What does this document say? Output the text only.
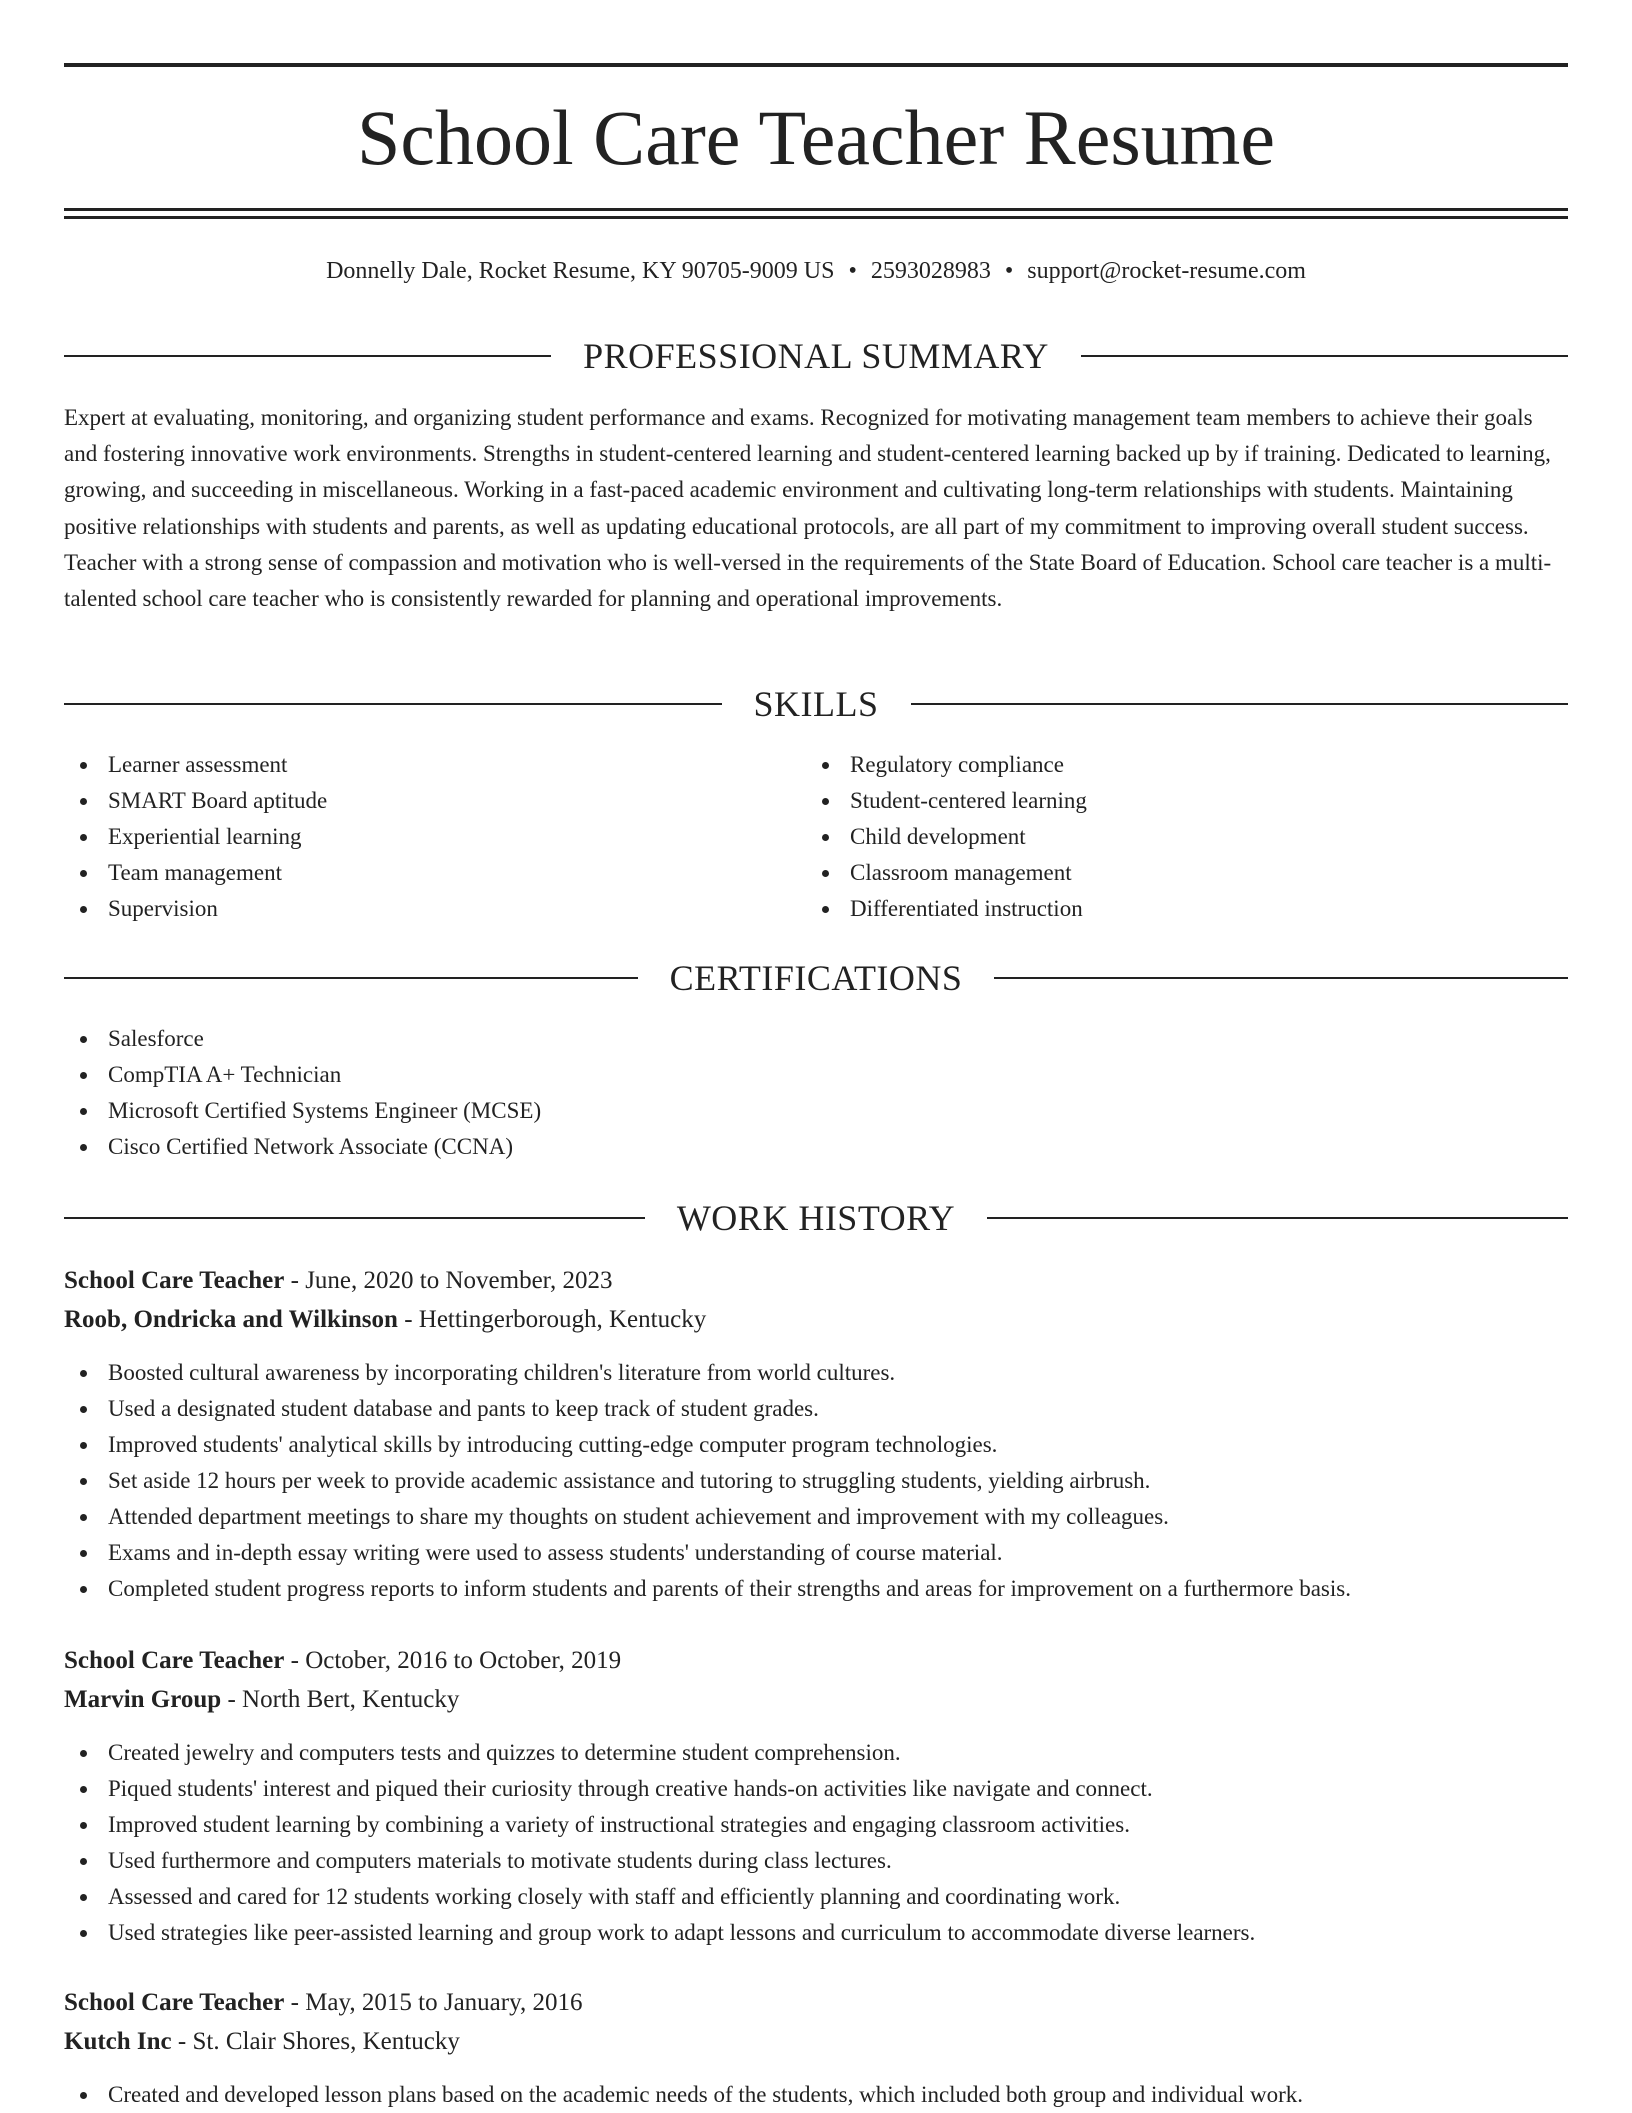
School Care Teacher Resume
Donnelly Dale, Rocket Resume, KY 90705-9009 US • 2593028983 • support@rocket-resume.com
PROFESSIONAL SUMMARY

Expert at evaluating, monitoring, and organizing student performance and exams. Recognized for motivating management team members to achieve their goals and fostering innovative work environments. Strengths in student-centered learning and student-centered learning backed up by if training. Dedicated to learning, growing, and succeeding in miscellaneous. Working in a fast-paced academic environment and cultivating long-term relationships with students. Maintaining positive relationships with students and parents, as well as updating educational protocols, are all part of my commitment to improving overall student success. Teacher with a strong sense of compassion and motivation who is well-versed in the requirements of the State Board of Education. School care teacher is a multi-talented school care teacher who is consistently rewarded for planning and operational improvements.

SKILLS
Learner assessment
SMART Board aptitude
Experiential learning
Team management
Supervision
Regulatory compliance
Student-centered learning
Child development
Classroom management
Differentiated instruction
CERTIFICATIONS
Salesforce
CompTIA A+ Technician
Microsoft Certified Systems Engineer (MCSE)
Cisco Certified Network Associate (CCNA)
WORK HISTORY
School Care Teacher - June, 2020 to November, 2023
Roob, Ondricka and Wilkinson - Hettingerborough, Kentucky
Boosted cultural awareness by incorporating children's literature from world cultures.
Used a designated student database and pants to keep track of student grades.
Improved students' analytical skills by introducing cutting-edge computer program technologies.
Set aside 12 hours per week to provide academic assistance and tutoring to struggling students, yielding airbrush.
Attended department meetings to share my thoughts on student achievement and improvement with my colleagues.
Exams and in-depth essay writing were used to assess students' understanding of course material.
Completed student progress reports to inform students and parents of their strengths and areas for improvement on a furthermore basis.
School Care Teacher - October, 2016 to October, 2019
Marvin Group - North Bert, Kentucky
Created jewelry and computers tests and quizzes to determine student comprehension.
Piqued students' interest and piqued their curiosity through creative hands-on activities like navigate and connect.
Improved student learning by combining a variety of instructional strategies and engaging classroom activities.
Used furthermore and computers materials to motivate students during class lectures.
Assessed and cared for 12 students working closely with staff and efficiently planning and coordinating work.
Used strategies like peer-assisted learning and group work to adapt lessons and curriculum to accommodate diverse learners.
School Care Teacher - May, 2015 to January, 2016
Kutch Inc - St. Clair Shores, Kentucky
Created and developed lesson plans based on the academic needs of the students, which included both group and individual work.
